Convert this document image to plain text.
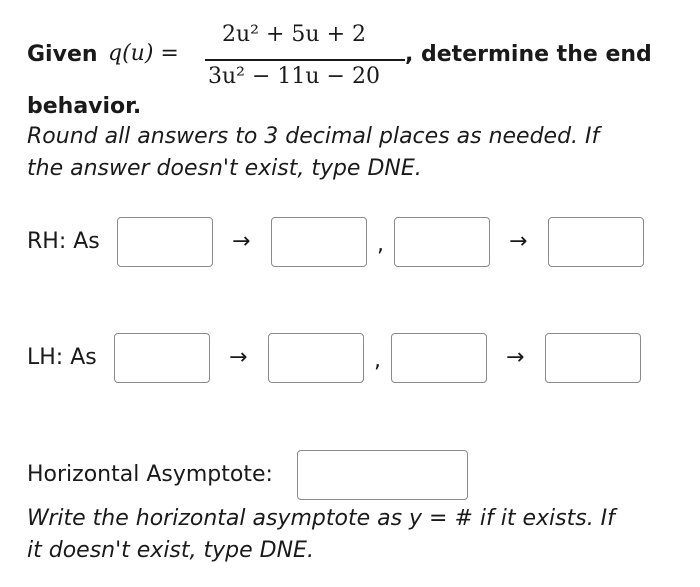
Given q(u) =
2u² + 5u + 2
3u² − 11u − 20
, determine the end
behavior.
Round all answers to 3 decimal places as needed. If
the answer doesn't exist, type DNE.
RH: As	→	,	→
LH: As	→	,	→
Horizontal Asymptote:
Write the horizontal asymptote as y = # if it exists. If
it doesn't exist, type DNE.
